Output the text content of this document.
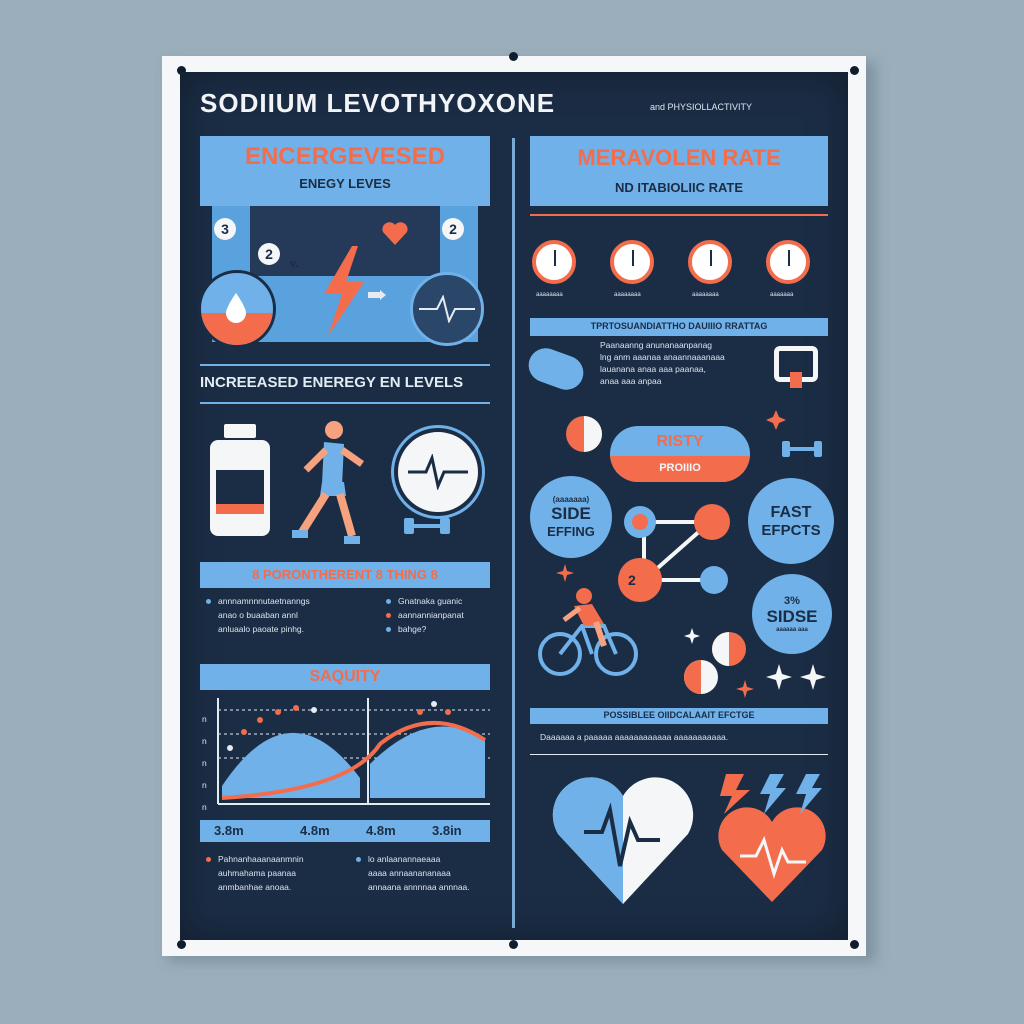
SODIIUM LEVOTHYOXONE	and PHYSIOLLACTIVITY
ENCERGEVESED
ENEGY LEVES
3
2
2
v.
INCREEASED ENEREGY EN LEVELS
8 PORONTHERENT 8 THING 8
annnamnnnutaetnanngs
anao o buaaban annl
anluaalo paoate pinhg.
Gnatnaka guanic
aannannianpanat
bahge?
SAQUITY
n
n
n
n
n
3.8m	4.8m	4.8m	3.8in
Pahnanhaaanaanmnin
auhmahama paanaa
anmbanhae anoaa.
lo anlaanannaeaaa
aaaa annaanananaaa
annaana annnnaa annnaa.
MERAVOLEN RATE
ND ITABIOLIIC RATE
aaaaaaaa	aaaaaaaa	aaaaaaaa	aaaaaaa
TPRTOSUANDIATTHO DAUIIIO RRATTAG
Paanaanng anunanaanpanag
lng anm aaanaa anaannaaanaaa
lauanana anaa aaa paanaa,
anaa aaa anpaa
RISTY
PROIIIO
(aaaaaaa)
SIDE
EFFING
FAST
EFPCTS
2
3%
SIDSE
aaaaaa aaa
POSSIBLEE OIIDCALAAIT EFCTGE
Daaaaaa a paaaaa aaaaaaaaaaaa aaaaaaaaaaa.
